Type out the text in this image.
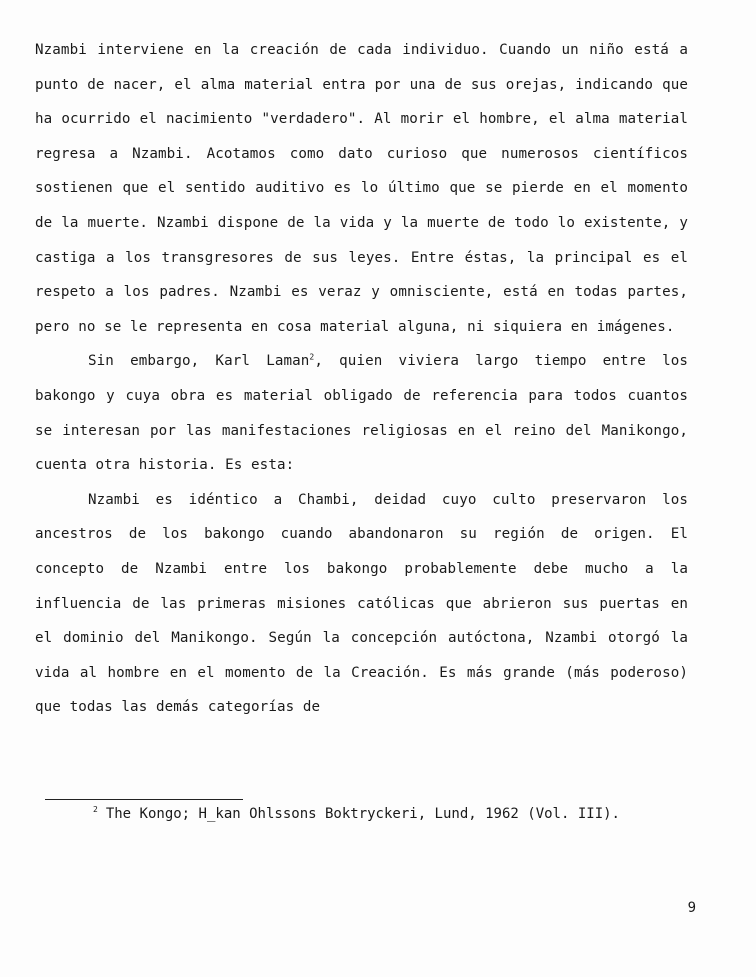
Nzambi interviene en la creación de cada individuo. Cuando un niño está a punto de nacer, el alma material entra por una de sus orejas, indicando que ha ocurrido el nacimiento "verdadero". Al morir el hombre, el alma material regresa a Nzambi. Acotamos como dato curioso que numerosos científicos sostienen que el sentido auditivo es lo último que se pierde en el momento de la muerte. Nzambi dispone de la vida y la muerte de todo lo existente, y castiga a los transgresores de sus leyes. Entre éstas, la principal es el respeto a los padres. Nzambi es veraz y omnisciente, está en todas partes, pero no se le representa en cosa material alguna, ni siquiera en imágenes.

Sin embargo, Karl Laman$^2$, quien viviera largo tiempo entre los bakongo y cuya obra es material obligado de referencia para todos cuantos se interesan por las manifestaciones religiosas en el reino del Manikongo, cuenta otra historia. Es esta:

Nzambi es idéntico a Chambi, deidad cuyo culto preservaron los ancestros de los bakongo cuando abandonaron su región de origen. El concepto de Nzambi entre los bakongo probablemente debe mucho a la influencia de las primeras misiones católicas que abrieron sus puertas en el dominio del Manikongo. Según la concepción autóctona, Nzambi otorgó la vida al hombre en el momento de la Creación. Es más grande (más poderoso) que todas las demás categorías de

$^2$ The Kongo; H_kan Ohlssons Boktryckeri, Lund, 1962 (Vol. III).
9
